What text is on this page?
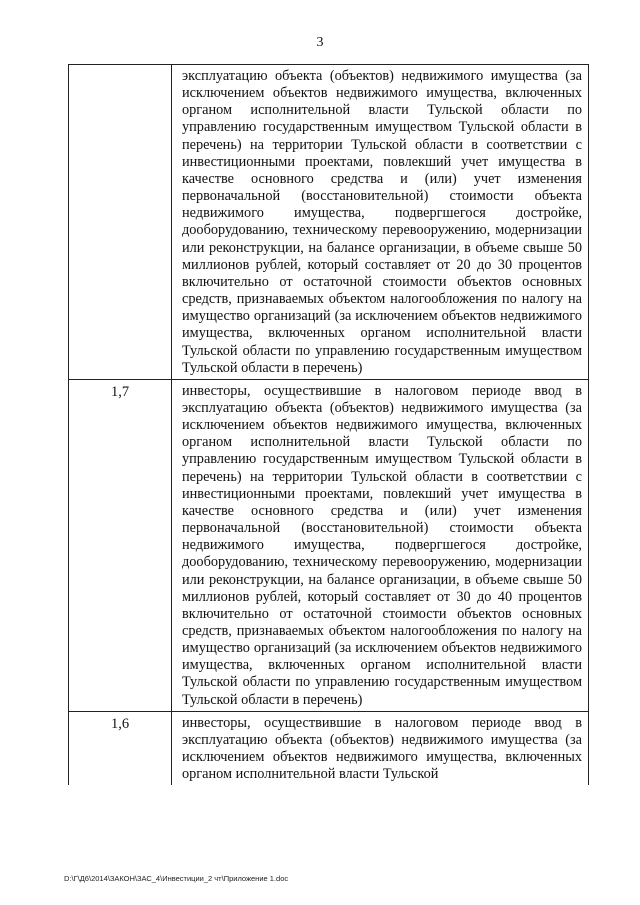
3

	эксплуатацию объекта (объектов) недвижимого имущества (за исключением объектов недвижимого имущества, включенных органом исполнительной власти Тульской области по управлению государственным имуществом Тульской области в перечень) на территории Тульской области в соответствии с инвестиционными проектами, повлекший учет имущества в качестве основного средства и (или) учет изменения первоначальной (восстановительной) стоимости объекта недвижимого имущества, подвергшегося достройке, дооборудованию, техническому перевооружению, модернизации или реконструкции, на балансе организации, в объеме свыше 50 миллионов рублей, который составляет от 20 до 30 процентов включительно от остаточной стоимости объектов основных средств, признаваемых объектом налогообложения по налогу на имущество организаций (за исключением объектов недвижимого имущества, включенных органом исполнительной власти Тульской области по управлению государственным имуществом Тульской области в перечень)

1,7	инвесторы, осуществившие в налоговом периоде ввод в эксплуатацию объекта (объектов) недвижимого имущества (за исключением объектов недвижимого имущества, включенных органом исполнительной власти Тульской области по управлению государственным имуществом Тульской области в перечень) на территории Тульской области в соответствии с инвестиционными проектами, повлекший учет имущества в качестве основного средства и (или) учет изменения первоначальной (восстановительной) стоимости объекта недвижимого имущества, подвергшегося достройке, дооборудованию, техническому перевооружению, модернизации или реконструкции, на балансе организации, в объеме свыше 50 миллионов рублей, который составляет от 30 до 40 процентов включительно от остаточной стоимости объектов основных средств, признаваемых объектом налогообложения по налогу на имущество организаций (за исключением объектов недвижимого имущества, включенных органом исполнительной власти Тульской области по управлению государственным имуществом Тульской области в перечень)

1,6	инвесторы, осуществившие в налоговом периоде ввод в эксплуатацию объекта (объектов) недвижимого имущества (за исключением объектов недвижимого имущества, включенных органом исполнительной власти Тульской
D:\Г\Д6\2014\ЗАКОН\ЗАС_4\Инвестиции_2 чт\Приложение 1.doc
